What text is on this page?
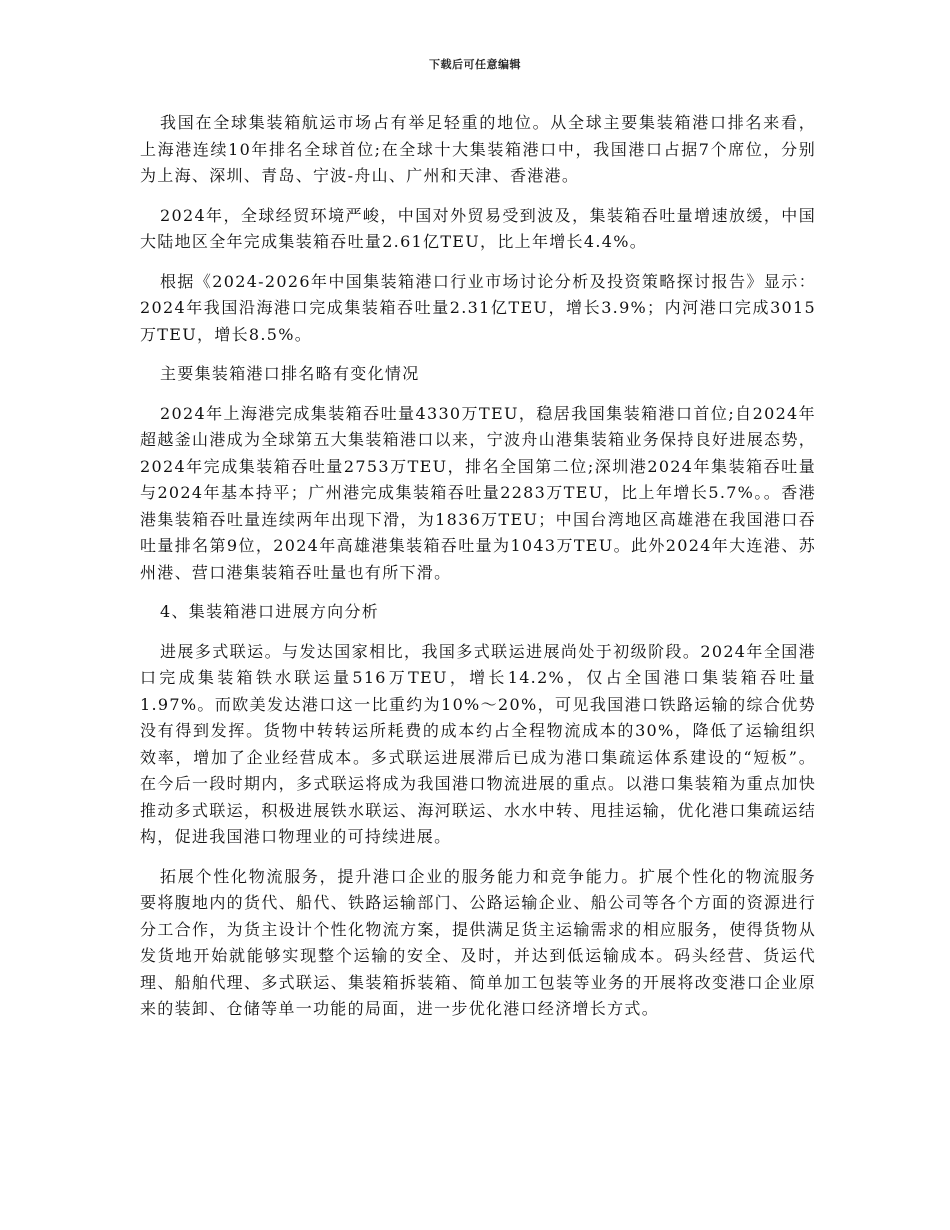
下载后可任意编辑

我国在全球集装箱航运市场占有举足轻重的地位。从全球主要集装箱港口排名来看，上海港连续10年排名全球首位;在全球十大集装箱港口中，我国港口占据7个席位，分别为上海、深圳、青岛、宁波-舟山、广州和天津、香港港。

2024年，全球经贸环境严峻，中国对外贸易受到波及，集装箱吞吐量增速放缓，中国大陆地区全年完成集装箱吞吐量2.61亿TEU，比上年增长4.4%。

根据《2024-2026年中国集装箱港口行业市场讨论分析及投资策略探讨报告》显示：2024年我国沿海港口完成集装箱吞吐量2.31亿TEU，增长3.9%；内河港口完成3015万TEU，增长8.5%。

主要集装箱港口排名略有变化情况

2024年上海港完成集装箱吞吐量4330万TEU，稳居我国集装箱港口首位;自2024年超越釜山港成为全球第五大集装箱港口以来，宁波舟山港集装箱业务保持良好进展态势，2024年完成集装箱吞吐量2753万TEU，排名全国第二位;深圳港2024年集装箱吞吐量与2024年基本持平；广州港完成集装箱吞吐量2283万TEU，比上年增长5.7%。。香港港集装箱吞吐量连续两年出现下滑，为1836万TEU；中国台湾地区高雄港在我国港口吞吐量排名第9位，2024年高雄港集装箱吞吐量为1043万TEU。此外2024年大连港、苏州港、营口港集装箱吞吐量也有所下滑。

4、集装箱港口进展方向分析

进展多式联运。与发达国家相比，我国多式联运进展尚处于初级阶段。2024年全国港口完成集装箱铁水联运量516万TEU，增长14.2%，仅占全国港口集装箱吞吐量1.97%。而欧美发达港口这一比重约为10%～20%，可见我国港口铁路运输的综合优势没有得到发挥。货物中转转运所耗费的成本约占全程物流成本的30%，降低了运输组织效率，增加了企业经营成本。多式联运进展滞后已成为港口集疏运体系建设的“短板”。在今后一段时期内，多式联运将成为我国港口物流进展的重点。以港口集装箱为重点加快推动多式联运，积极进展铁水联运、海河联运、水水中转、甩挂运输，优化港口集疏运结构，促进我国港口物理业的可持续进展。

拓展个性化物流服务，提升港口企业的服务能力和竞争能力。扩展个性化的物流服务要将腹地内的货代、船代、铁路运输部门、公路运输企业、船公司等各个方面的资源进行分工合作，为货主设计个性化物流方案，提供满足货主运输需求的相应服务，使得货物从发货地开始就能够实现整个运输的安全、及时，并达到低运输成本。码头经营、货运代理、船舶代理、多式联运、集装箱拆装箱、简单加工包装等业务的开展将改变港口企业原来的装卸、仓储等单一功能的局面，进一步优化港口经济增长方式。
